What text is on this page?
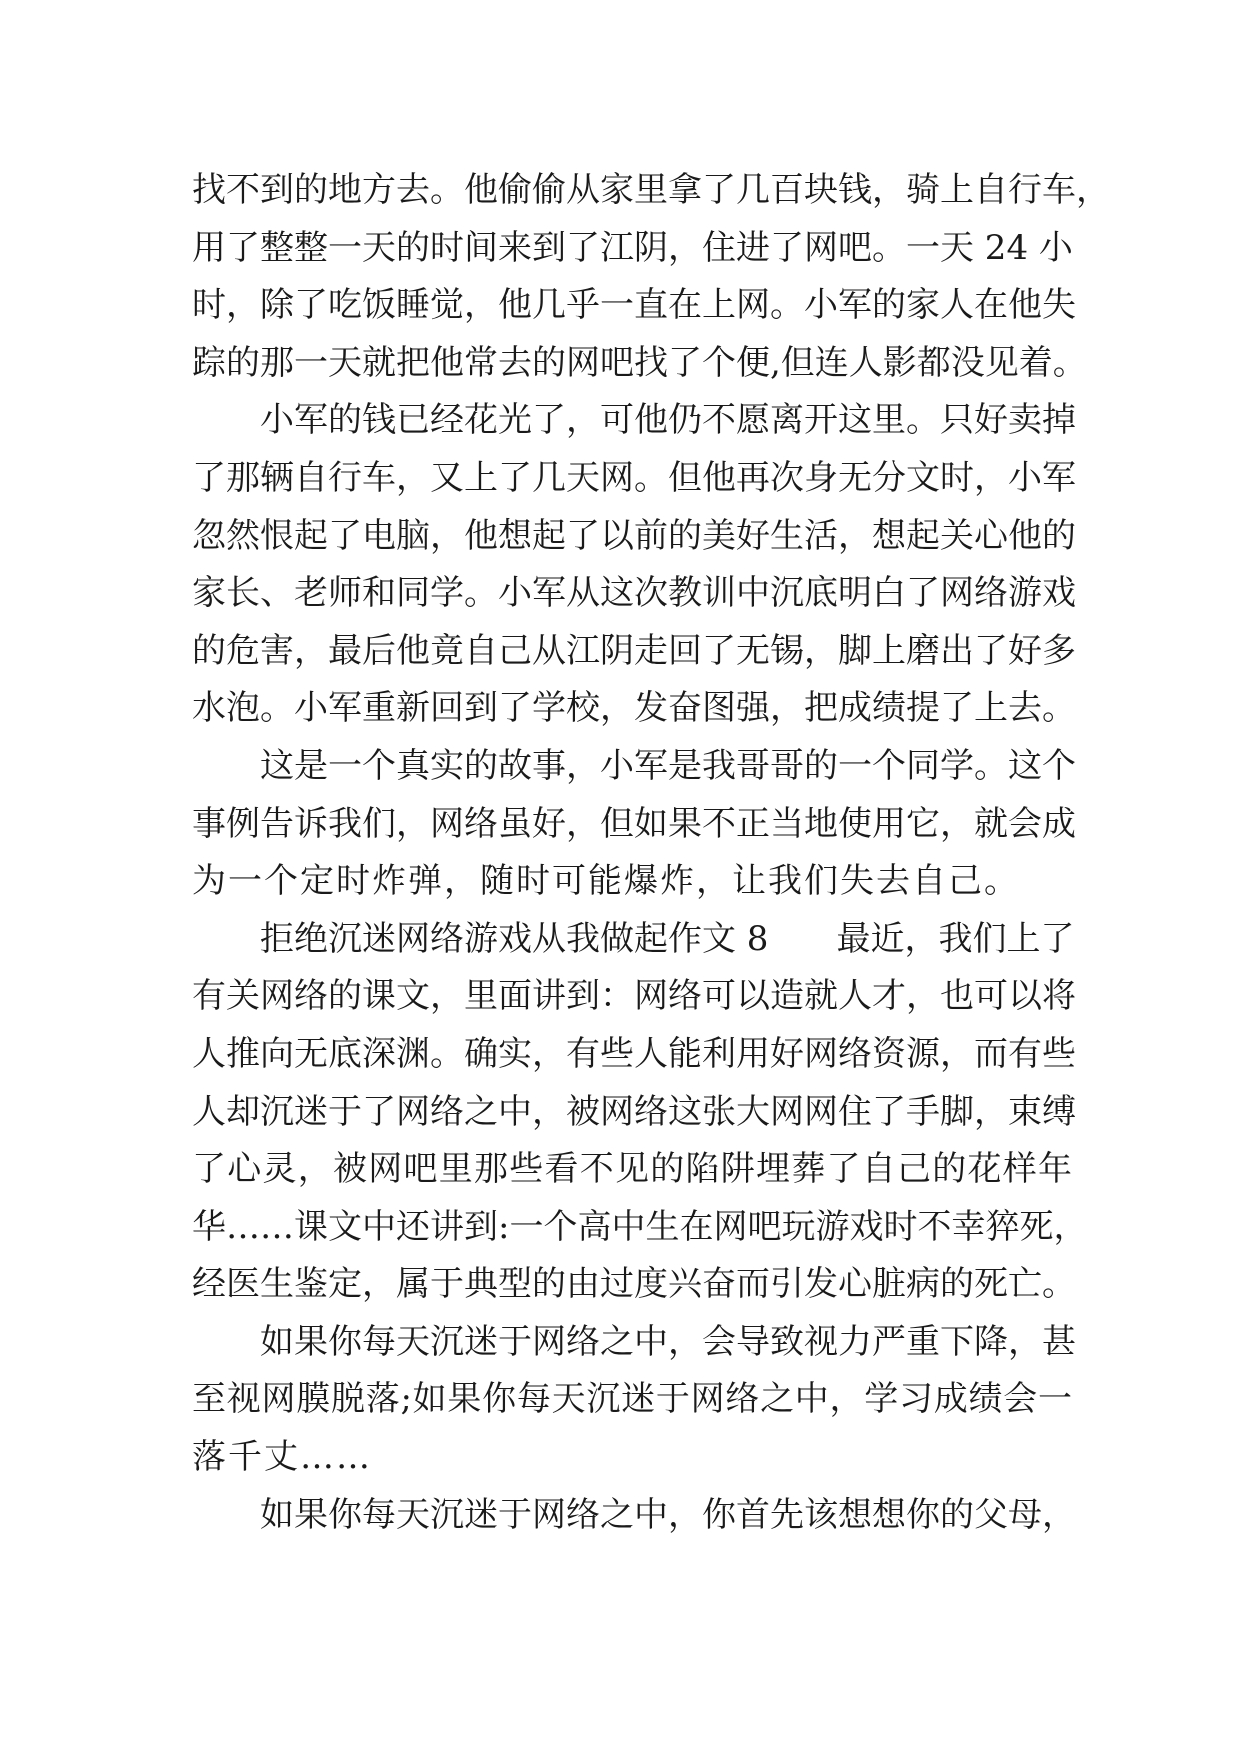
找不到的地方去。他偷偷从家里拿了几百块钱，骑上自行车，
用了整整一天的时间来到了江阴，住进了网吧。一天 24 小
时，除了吃饭睡觉，他几乎一直在上网。小军的家人在他失
踪的那一天就把他常去的网吧找了个便,但连人影都没见着。
小军的钱已经花光了，可他仍不愿离开这里。只好卖掉
了那辆自行车，又上了几天网。但他再次身无分文时，小军
忽然恨起了电脑，他想起了以前的美好生活，想起关心他的
家长、老师和同学。小军从这次教训中沉底明白了网络游戏
的危害，最后他竟自己从江阴走回了无锡，脚上磨出了好多
水泡。小军重新回到了学校，发奋图强，把成绩提了上去。
这是一个真实的故事，小军是我哥哥的一个同学。这个
事例告诉我们，网络虽好，但如果不正当地使用它，就会成
为一个定时炸弹，随时可能爆炸，让我们失去自己。
拒绝沉迷网络游戏从我做起作文 8　　最近，我们上了
有关网络的课文，里面讲到：网络可以造就人才，也可以将
人推向无底深渊。确实，有些人能利用好网络资源，而有些
人却沉迷于了网络之中，被网络这张大网网住了手脚，束缚
了心灵，被网吧里那些看不见的陷阱埋葬了自己的花样年
华……课文中还讲到:一个高中生在网吧玩游戏时不幸猝死，
经医生鉴定，属于典型的由过度兴奋而引发心脏病的死亡。
如果你每天沉迷于网络之中，会导致视力严重下降，甚
至视网膜脱落;如果你每天沉迷于网络之中，学习成绩会一
落千丈……
如果你每天沉迷于网络之中，你首先该想想你的父母，
